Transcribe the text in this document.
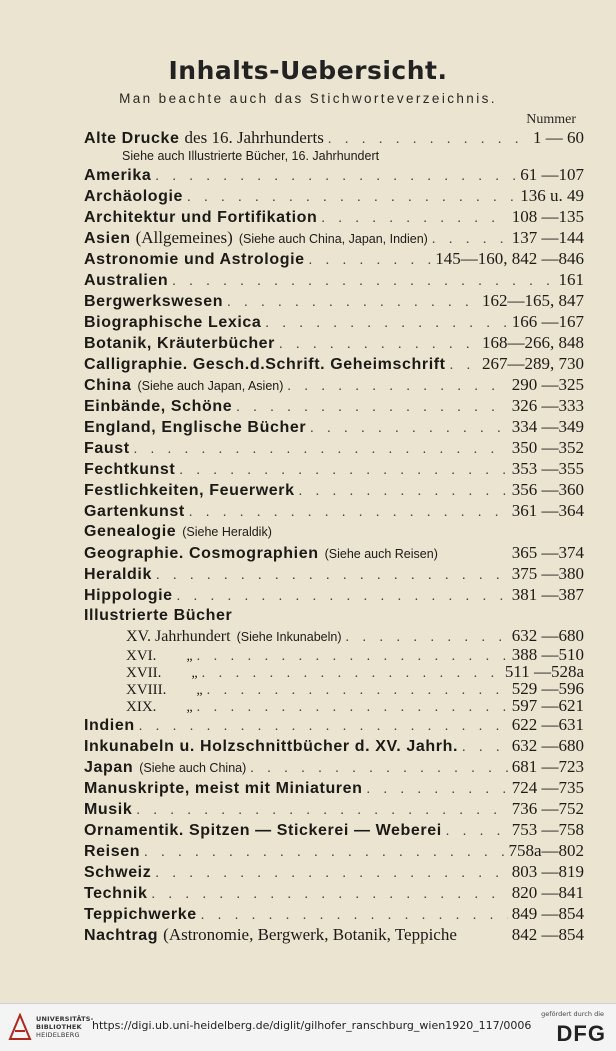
Inhalts-Uebersicht.
Man beachte auch das Stichworteverzeichnis.
Nummer
Alte Drucke des 16. Jahrhunderts . . .	1 — 60
Siehe auch Illustrierte Bücher, 16. Jahrhundert
Amerika . . .	61 —107
Archäologie . . .	136 u. 49
Architektur und Fortifikation . . .	108 —135
Asien (Allgemeines) (Siehe auch China, Japan, Indien) . . .	137 —144
Astronomie und Astrologie . . .	145—160, 842 —846
Australien . . .	161
Bergwerkswesen . . .	162—165, 847
Biographische Lexica . . .	166 —167
Botanik, Kräuterbücher . . .	168—266, 848
Calligraphie. Gesch.d.Schrift. Geheimschrift . . . 267—289, 730
China (Siehe auch Japan, Asien) . . .	290 —325
Einbände, Schöne . . .	326 —333
England, Englische Bücher . . .	334 —349
Faust . . .	350 —352
Fechtkunst . . .	353 —355
Festlichkeiten, Feuerwerk . . .	356 —360
Gartenkunst . . .	361 —364
Genealogie (Siehe Heraldik)
Geographie. Cosmographien (Siehe auch Reisen)	365 —374
Heraldik . . .	375 —380
Hippologie . . .	381 —387
Illustrierte Bücher
XV. Jahrhundert (Siehe Inkunabeln) . . .	632 —680
XVI. „ . . .	388 —510
XVII. „ . . .	511 —528a
XVIII. „ . . .	529 —596
XIX. „ . . .	597 —621
Indien . . .	622 —631
Inkunabeln u. Holzschnittbücher d. XV. Jahrh. . . .	632 —680
Japan (Siehe auch China) . . .	681 —723
Manuskripte, meist mit Miniaturen . . .	724 —735
Musik . . .	736 —752
Ornamentik. Spitzen — Stickerei — Weberei . . .	753 —758
Reisen . . .	758a—802
Schweiz . . .	803 —819
Technik . . .	820 —841
Teppichwerke . . .	849 —854
Nachtrag (Astronomie, Bergwerk, Botanik, Teppiche	842 —854
UNIVERSITÄTS-
BIBLIOTHEK
HEIDELBERG
https://digi.ub.uni-heidelberg.de/diglit/gilhofer_ranschburg_wien1920_117/0006
gefördert durch die
DFG
